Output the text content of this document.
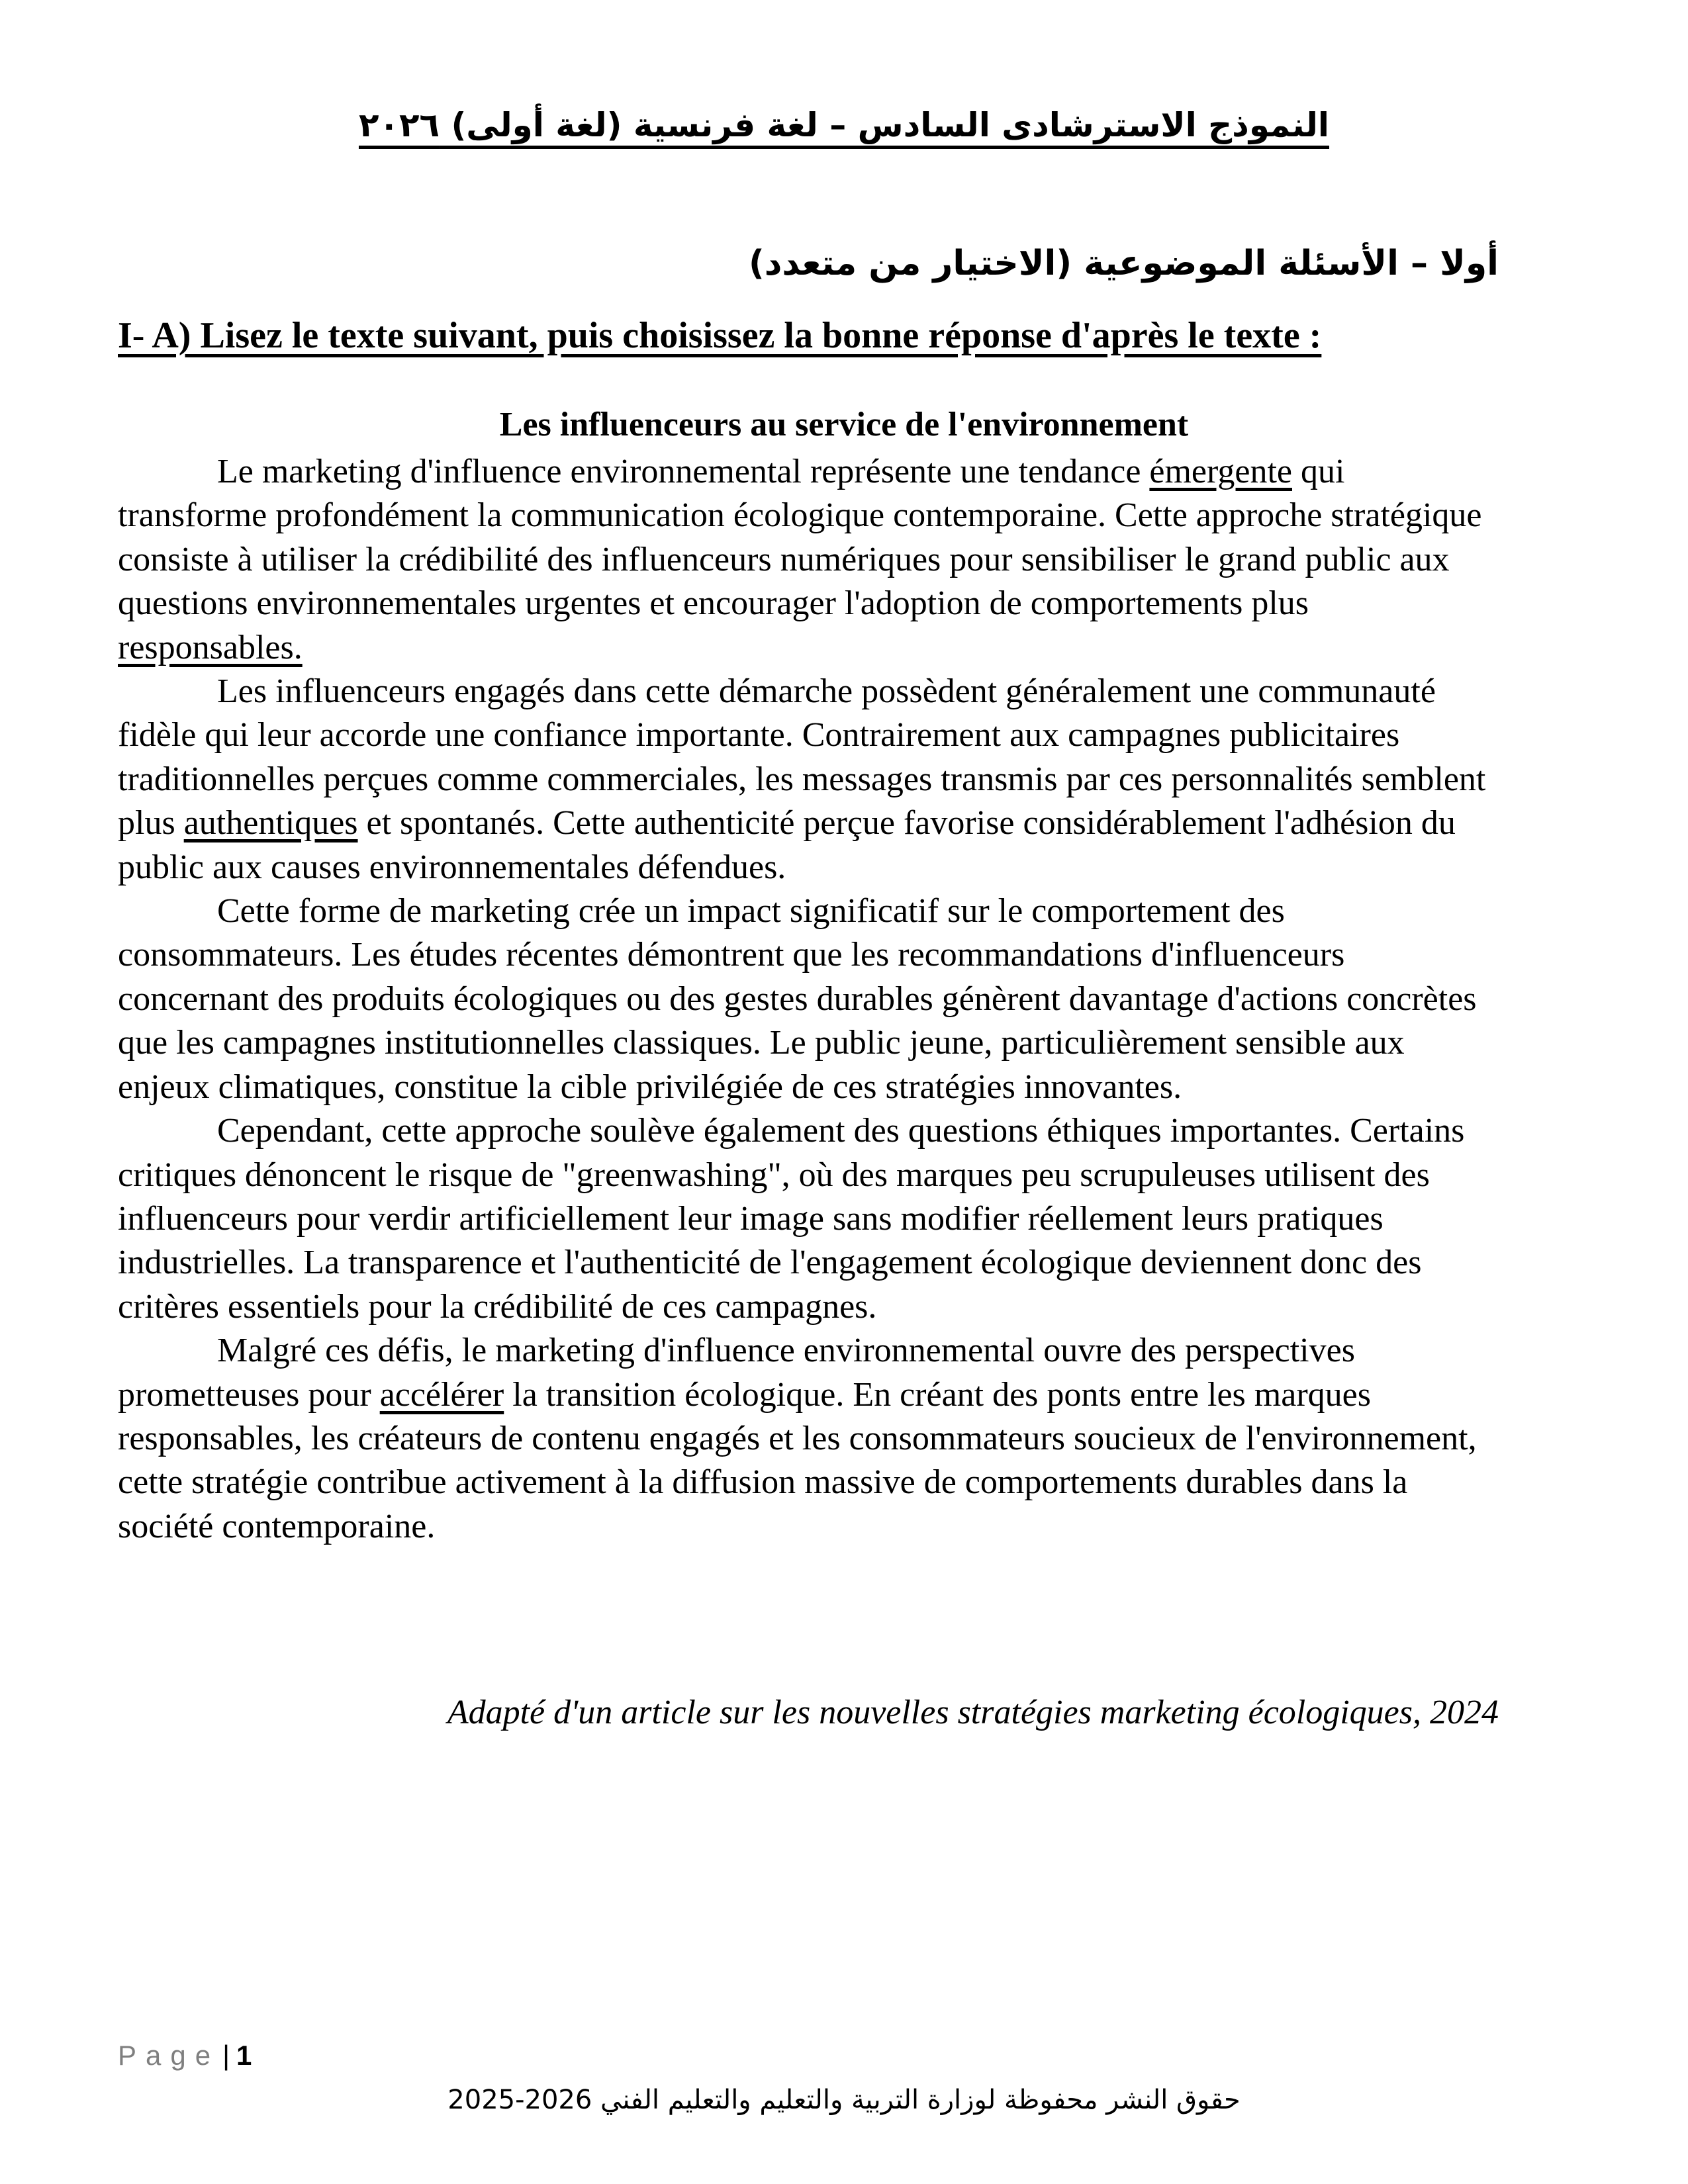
النموذج الاسترشادى السادس – لغة فرنسية (لغة أولى) ٢٠٢٦
أولا – الأسئلة الموضوعية (الاختيار من متعدد)
I- A) Lisez le texte suivant, puis choisissez la bonne réponse d'après le texte :
Les influenceurs au service de l'environnement

Le marketing d'influence environnemental représente une tendance émergente qui transforme profondément la communication écologique contemporaine. Cette approche stratégique consiste à utiliser la crédibilité des influenceurs numériques pour sensibiliser le grand public aux questions environnementales urgentes et encourager l'adoption de comportements plus responsables.

Les influenceurs engagés dans cette démarche possèdent généralement une communauté fidèle qui leur accorde une confiance importante. Contrairement aux campagnes publicitaires traditionnelles perçues comme commerciales, les messages transmis par ces personnalités semblent plus authentiques et spontanés. Cette authenticité perçue favorise considérablement l'adhésion du public aux causes environnementales défendues.

Cette forme de marketing crée un impact significatif sur le comportement des consommateurs. Les études récentes démontrent que les recommandations d'influenceurs concernant des produits écologiques ou des gestes durables génèrent davantage d'actions concrètes que les campagnes institutionnelles classiques. Le public jeune, particulièrement sensible aux enjeux climatiques, constitue la cible privilégiée de ces stratégies innovantes.

Cependant, cette approche soulève également des questions éthiques importantes. Certains critiques dénoncent le risque de "greenwashing", où des marques peu scrupuleuses utilisent des influenceurs pour verdir artificiellement leur image sans modifier réellement leurs pratiques industrielles. La transparence et l'authenticité de l'engagement écologique deviennent donc des critères essentiels pour la crédibilité de ces campagnes.

Malgré ces défis, le marketing d'influence environnemental ouvre des perspectives prometteuses pour accélérer la transition écologique. En créant des ponts entre les marques responsables, les créateurs de contenu engagés et les consommateurs soucieux de l'environnement, cette stratégie contribue activement à la diffusion massive de comportements durables dans la société contemporaine.

Adapté d'un article sur les nouvelles stratégies marketing écologiques, 2024
Page| 1
حقوق النشر محفوظة لوزارة التربية والتعليم والتعليم الفني 2026-2025
